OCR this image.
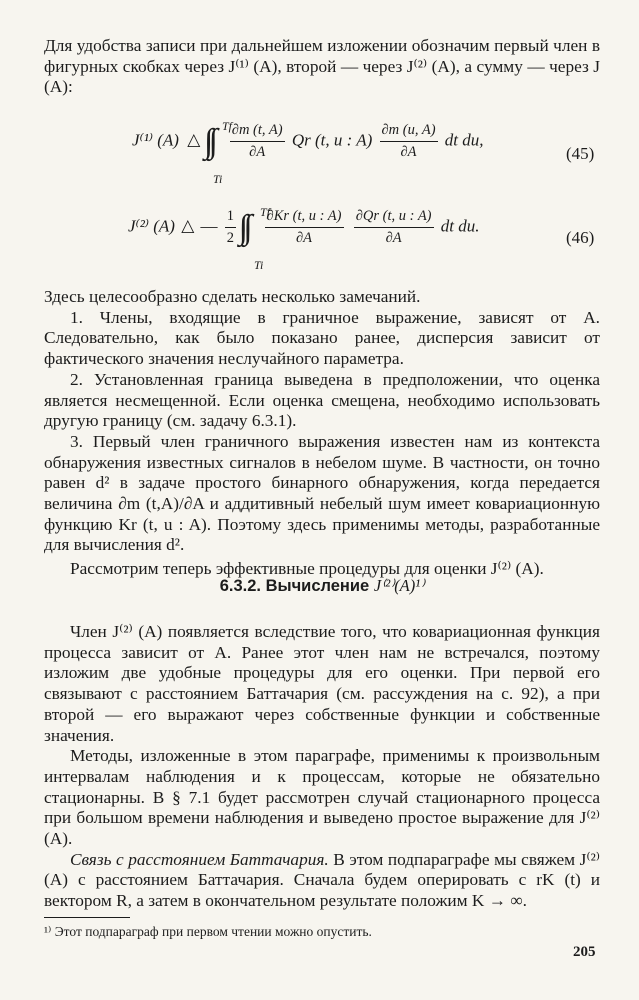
Для удобства записи при дальнейшем изложении обозначим первый член в фигурных скобках через J⁽¹⁾ (A), второй — через J⁽²⁾ (A), а сумму — через J (A):

J⁽¹⁾ (A) △ $\frac{\partial m (t, A)}{\partial A}$ Qr (t, u : $A) \frac{\partial m (u, A)}{\partial A}$ dt du,
Tf
Ti
(45)
J⁽²⁾ (A) △ — $\frac{1}{2}$
$\frac{\partial Kr (t, u : A)}{\partial A}$
$\frac{\partial Qr (t, u : A)}{\partial A}$ dt du.
Tf
Ti
(46)

Здесь целесообразно сделать несколько замечаний.

1. Члены, входящие в граничное выражение, зависят от A. Следовательно, как было показано ранее, дисперсия зависит от фактического значения неслучайного параметра.

2. Установленная граница выведена в предположении, что оценка является несмещенной. Если оценка смещена, необходимо использовать другую границу (см. задачу 6.3.1).

3. Первый член граничного выражения известен нам из контекста обнаружения известных сигналов в небелом шуме. В частности, он точно равен d² в задаче простого бинарного обнаружения, когда передается величина ∂m (t,A)/∂A и аддитивный небелый шум имеет ковариационную функцию Kr (t, u : A). Поэтому здесь применимы методы, разработанные для вычисления d².

Рассмотрим теперь эффективные процедуры для оценки J⁽²⁾ (A).

6.3.2. Вычисление J⁽²⁾(A)¹⁾

Член J⁽²⁾ (A) появляется вследствие того, что ковариационная функция процесса зависит от A. Ранее этот член нам не встречался, поэтому изложим две удобные процедуры для его оценки. При первой его связывают с расстоянием Баттачария (см. рассуждения на с. 92), а при второй — его выражают через собственные функции и собственные значения.

Методы, изложенные в этом параграфе, применимы к произвольным интервалам наблюдения и к процессам, которые не обязательно стационарны. В § 7.1 будет рассмотрен случай стационарного процесса при большом времени наблюдения и выведено простое выражение для J⁽²⁾ (A).

Связь с расстоянием Баттачария. В этом подпараграфе мы свяжем J⁽²⁾ (A) с расстоянием Баттачария. Сначала будем оперировать с rK (t) и вектором R, а затем в окончательном результате положим K → ∞.

¹⁾ Этот подпараграф при первом чтении можно опустить.
205
